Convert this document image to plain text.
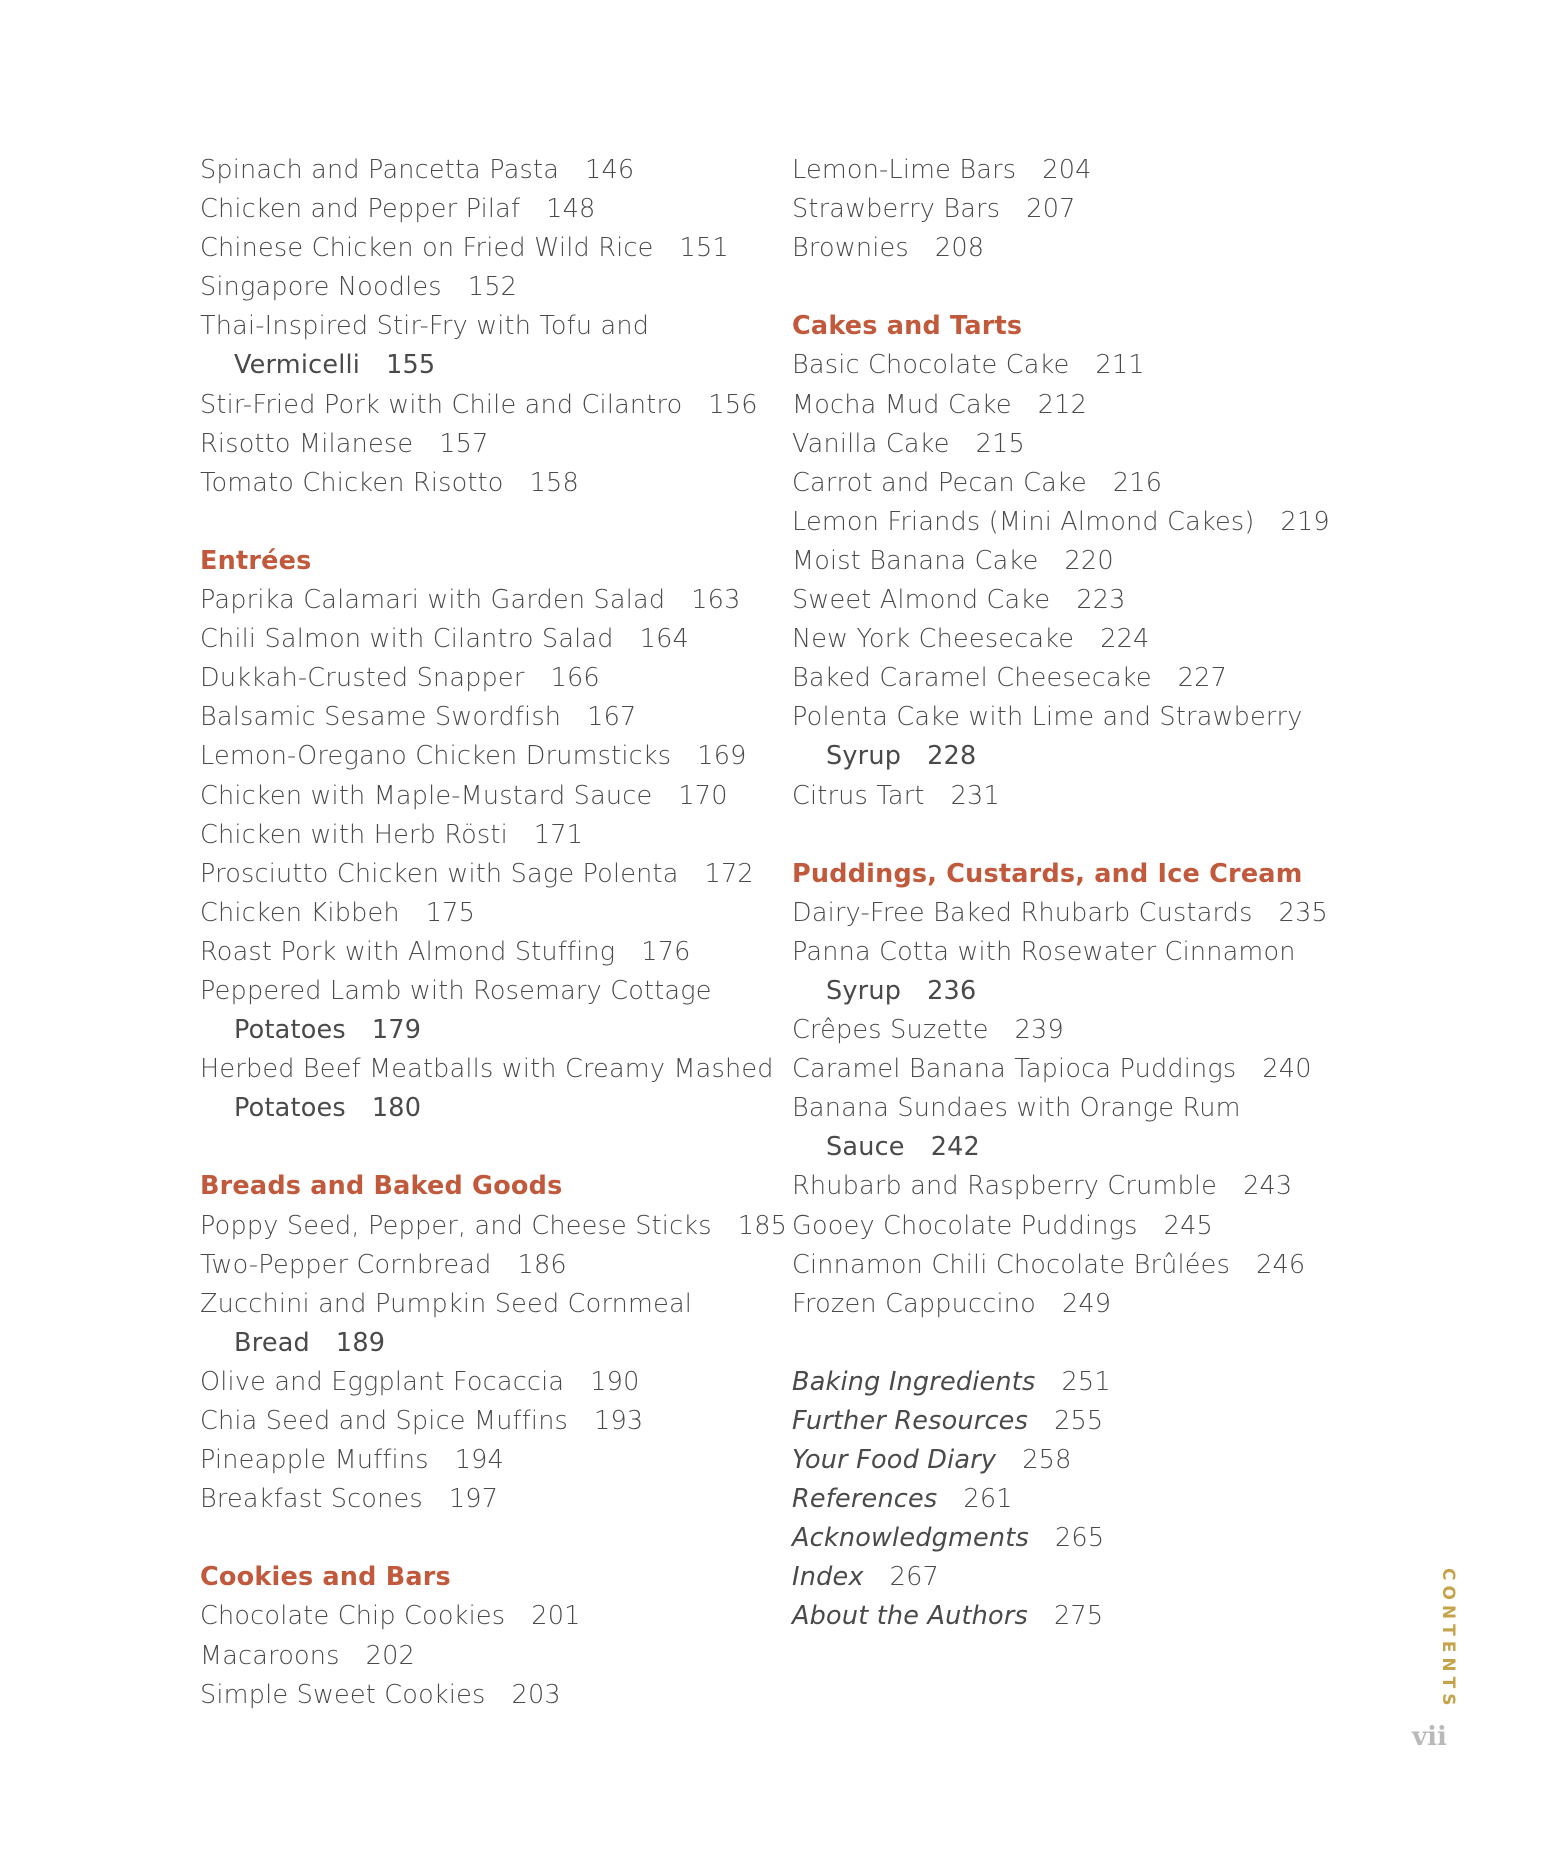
Spinach and Pancetta Pasta 146
Chicken and Pepper Pilaf 148
Chinese Chicken on Fried Wild Rice 151
Singapore Noodles 152
Thai-Inspired Stir-Fry with Tofu and
Vermicelli 155
Stir-Fried Pork with Chile and Cilantro 156
Risotto Milanese 157
Tomato Chicken Risotto 158
Entrées
Paprika Calamari with Garden Salad 163
Chili Salmon with Cilantro Salad 164
Dukkah-Crusted Snapper 166
Balsamic Sesame Swordfish 167
Lemon-Oregano Chicken Drumsticks 169
Chicken with Maple-Mustard Sauce 170
Chicken with Herb Rösti 171
Prosciutto Chicken with Sage Polenta 172
Chicken Kibbeh 175
Roast Pork with Almond Stuffing 176
Peppered Lamb with Rosemary Cottage
Potatoes 179
Herbed Beef Meatballs with Creamy Mashed
Potatoes 180
Breads and Baked Goods
Poppy Seed, Pepper, and Cheese Sticks 185
Two-Pepper Cornbread 186
Zucchini and Pumpkin Seed Cornmeal
Bread 189
Olive and Eggplant Focaccia 190
Chia Seed and Spice Muffins 193
Pineapple Muffins 194
Breakfast Scones 197
Cookies and Bars
Chocolate Chip Cookies 201
Macaroons 202
Simple Sweet Cookies 203
Lemon-Lime Bars 204
Strawberry Bars 207
Brownies 208
Cakes and Tarts
Basic Chocolate Cake 211
Mocha Mud Cake 212
Vanilla Cake 215
Carrot and Pecan Cake 216
Lemon Friands (Mini Almond Cakes) 219
Moist Banana Cake 220
Sweet Almond Cake 223
New York Cheesecake 224
Baked Caramel Cheesecake 227
Polenta Cake with Lime and Strawberry
Syrup 228
Citrus Tart 231
Puddings, Custards, and Ice Cream
Dairy-Free Baked Rhubarb Custards 235
Panna Cotta with Rosewater Cinnamon
Syrup 236
Crêpes Suzette 239
Caramel Banana Tapioca Puddings 240
Banana Sundaes with Orange Rum
Sauce 242
Rhubarb and Raspberry Crumble 243
Gooey Chocolate Puddings 245
Cinnamon Chili Chocolate Brûlées 246
Frozen Cappuccino 249
Baking Ingredients 251
Further Resources 255
Your Food Diary 258
References 261
Acknowledgments 265
Index 267
About the Authors 275	CONTENTS
vii
